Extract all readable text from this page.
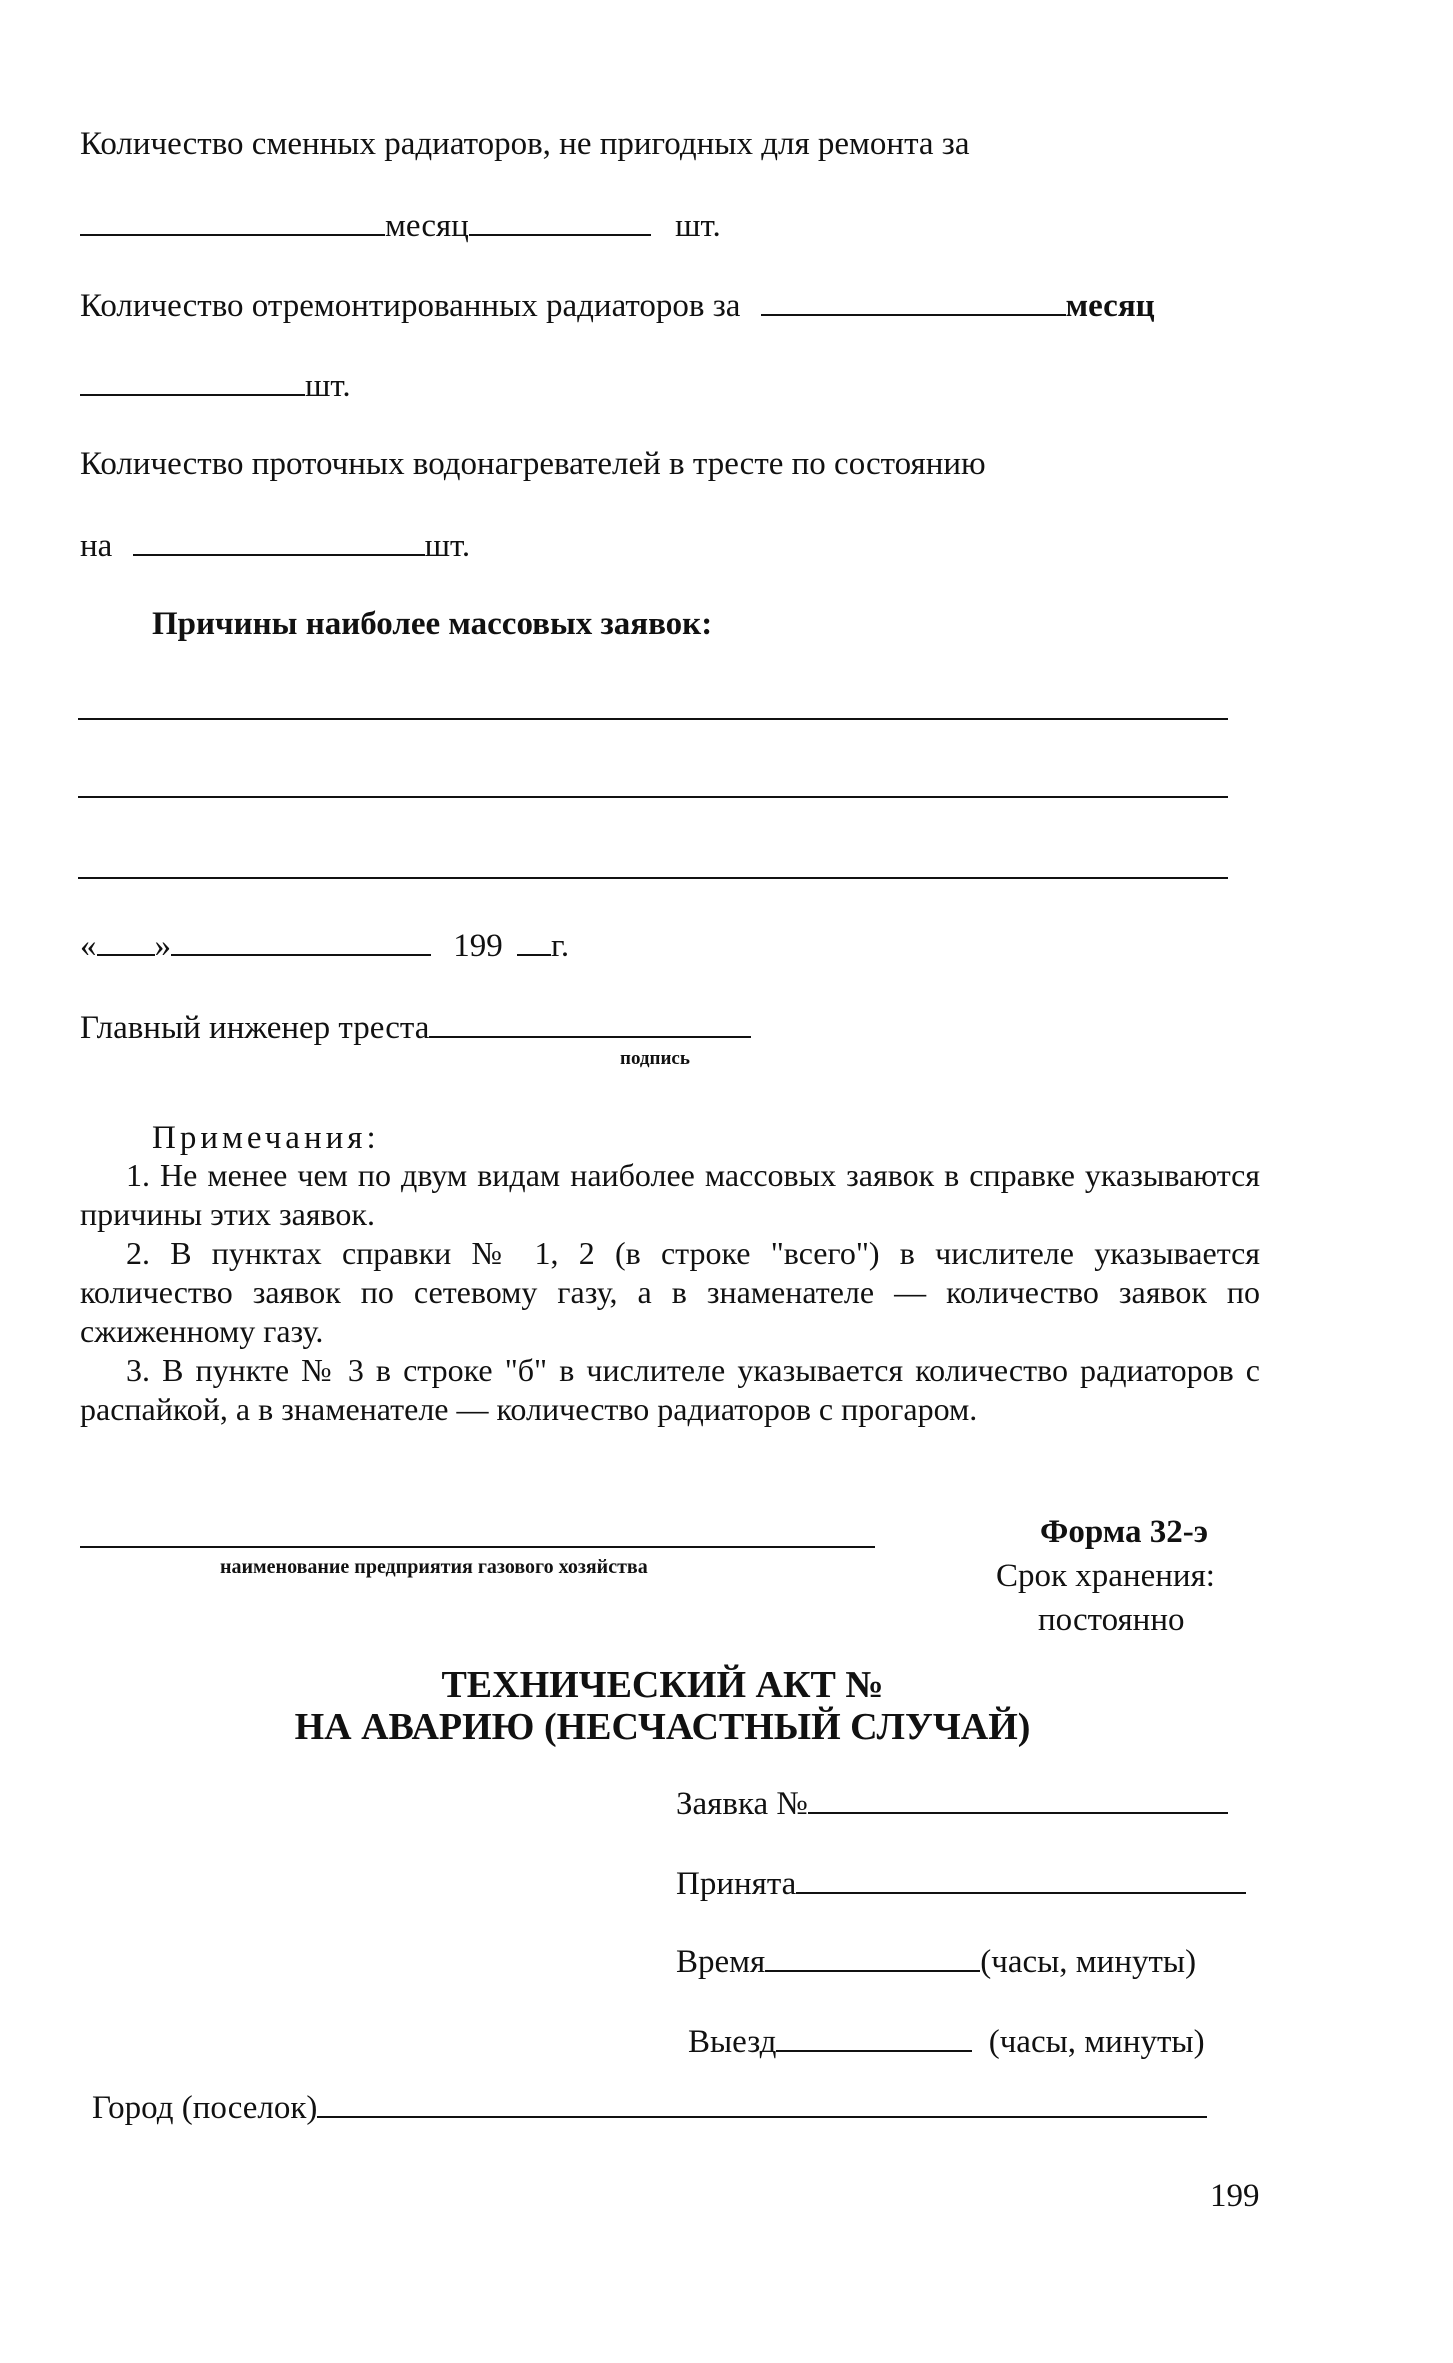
Количество сменных радиаторов, не пригодных для ремонта за
месяц	шт.
Количество отремонтированных радиаторов за	месяц
шт.
Количество проточных водонагревателей в тресте по состоянию
на	шт.
Причины наиболее массовых заявок:
« »	199 г.
Главный инженер треста
подпись
Примечания:

1. Не менее чем по двум видам наиболее массовых заявок в справке указываются причины этих заявок.

2. В пунктах справки № 1, 2 (в строке "всего") в числителе указывается количество заявок по сетевому газу, а в знаменателе — количество заявок по сжиженному газу.

3. В пункте № 3 в строке "б" в числителе указывается количество радиаторов с распайкой, а в знаменателе — количество радиаторов с прогаром.

наименование предприятия газового хозяйства
Форма 32-э
Срок хранения:
постоянно
ТЕХНИЧЕСКИЙ АКТ №
НА АВАРИЮ (НЕСЧАСТНЫЙ СЛУЧАЙ)
Заявка №
Принята
Время	(часы, минуты)
Выезд	(часы, минуты)
Город (поселок)
199
